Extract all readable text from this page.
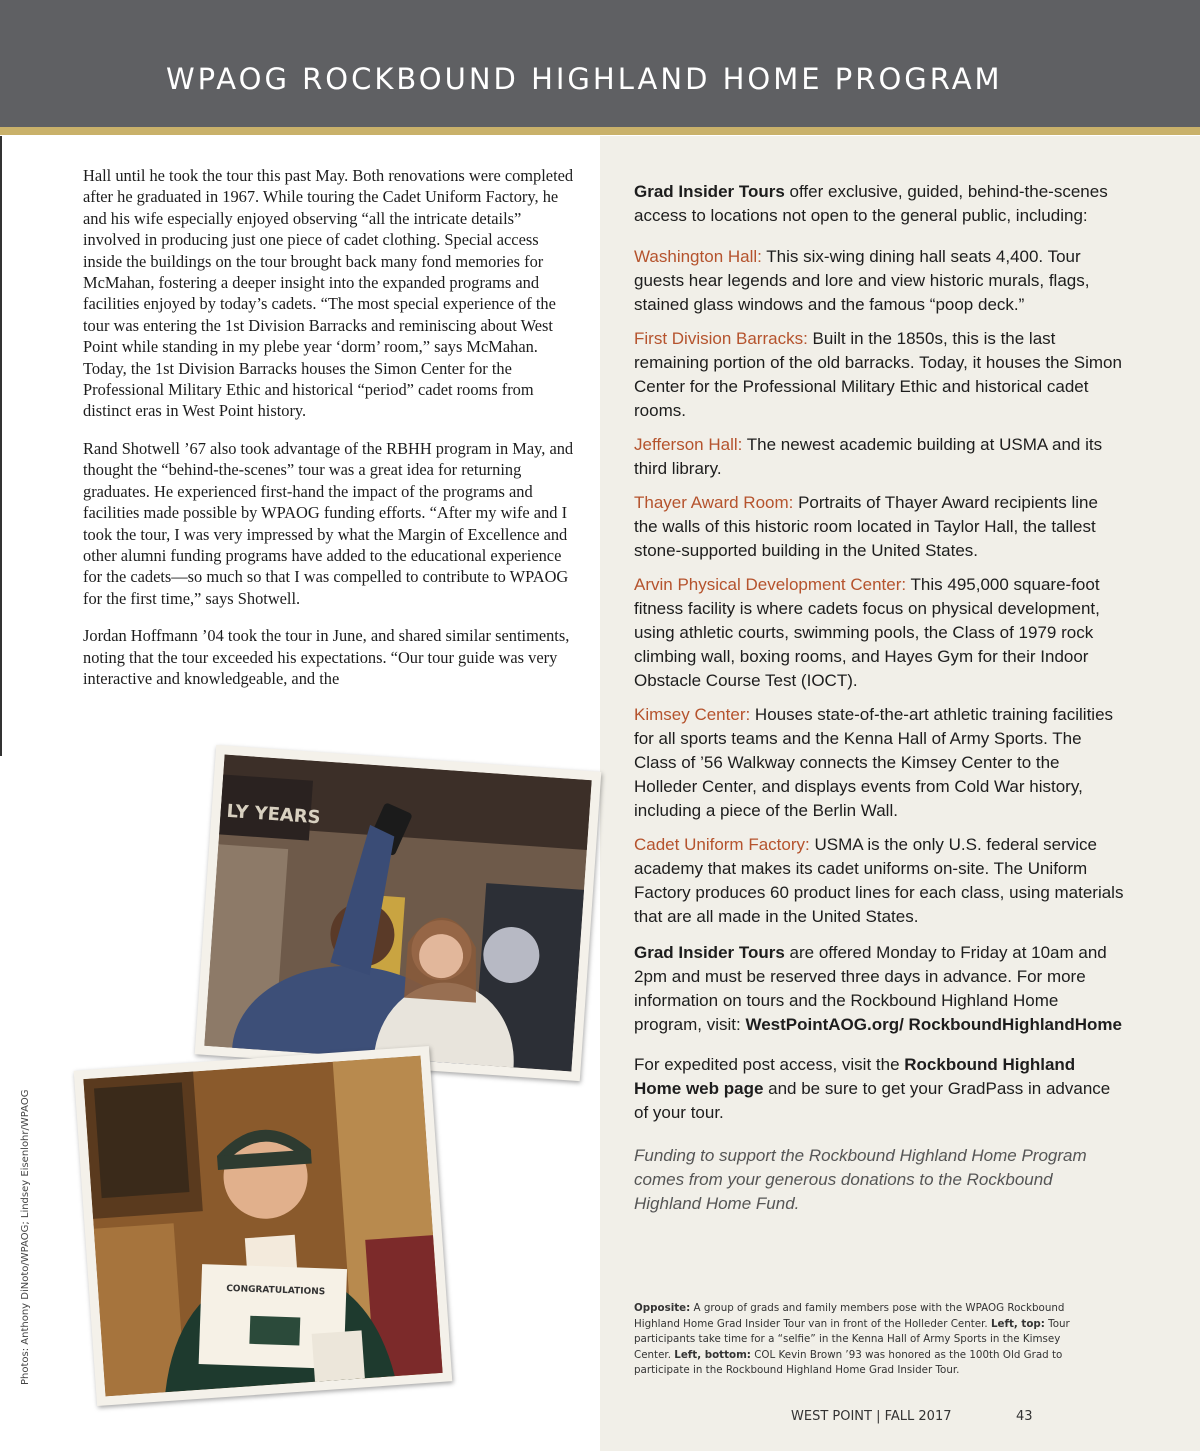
WPAOG ROCKBOUND HIGHLAND HOME PROGRAM

Hall until he took the tour this past May. Both renovations were completed after he graduated in 1967. While touring the Cadet Uniform Factory, he and his wife especially enjoyed observing “all the intricate details” involved in producing just one piece of cadet clothing. Special access inside the buildings on the tour brought back many fond memories for McMahan, fostering a deeper insight into the expanded programs and facilities enjoyed by today’s cadets. “The most special experience of the tour was entering the 1st Division Barracks and reminiscing about West Point while standing in my plebe year ‘dorm’ room,” says McMahan. Today, the 1st Division Barracks houses the Simon Center for the Professional Military Ethic and historical “period” cadet rooms from distinct eras in West Point history.

Rand Shotwell ’67 also took advantage of the RBHH program in May, and thought the “behind-the-scenes” tour was a great idea for returning graduates. He experienced first-hand the impact of the programs and facilities made possible by WPAOG funding efforts. “After my wife and I took the tour, I was very impressed by what the Margin of Excellence and other alumni funding programs have added to the educational experience for the cadets—so much so that I was compelled to contribute to WPAOG for the first time,” says Shotwell.

Jordan Hoffmann ’04 took the tour in June, and shared similar sentiments, noting that the tour exceeded his expectations. “Our tour guide was very interactive and knowledgeable, and the

LY YEARS
CONGRATULATIONS

Grad Insider Tours offer exclusive, guided, behind-the-scenes access to locations not open to the general public, including:

Washington Hall: This six-wing dining hall seats 4,400. Tour guests hear legends and lore and view historic murals, flags, stained glass windows and the famous “poop deck.”

First Division Barracks: Built in the 1850s, this is the last remaining portion of the old barracks. Today, it houses the Simon Center for the Professional Military Ethic and historical cadet rooms.

Jefferson Hall: The newest academic building at USMA and its third library.

Thayer Award Room: Portraits of Thayer Award recipients line the walls of this historic room located in Taylor Hall, the tallest stone-supported building in the United States.

Arvin Physical Development Center: This 495,000 square-foot fitness facility is where cadets focus on physical development, using athletic courts, swimming pools, the Class of 1979 rock climbing wall, boxing rooms, and Hayes Gym for their Indoor Obstacle Course Test (IOCT).

Kimsey Center: Houses state-of-the-art athletic training facilities for all sports teams and the Kenna Hall of Army Sports. The Class of ’56 Walkway connects the Kimsey Center to the Holleder Center, and displays events from Cold War history, including a piece of the Berlin Wall.

Cadet Uniform Factory: USMA is the only U.S. federal service academy that makes its cadet uniforms on-site. The Uniform Factory produces 60 product lines for each class, using materials that are all made in the United States.

Grad Insider Tours are offered Monday to Friday at 10am and 2pm and must be reserved three days in advance. For more information on tours and the Rockbound Highland Home program, visit: WestPointAOG.org/ RockboundHighlandHome

For expedited post access, visit the Rockbound Highland Home web page and be sure to get your GradPass in advance of your tour.

Funding to support the Rockbound Highland Home Program comes from your generous donations to the Rockbound Highland Home Fund.

Opposite: A group of grads and family members pose with the WPAOG Rockbound Highland Home Grad Insider Tour van in front of the Holleder Center. Left, top: Tour participants take time for a “selfie” in the Kenna Hall of Army Sports in the Kimsey Center. Left, bottom: COL Kevin Brown ’93 was honored as the 100th Old Grad to participate in the Rockbound Highland Home Grad Insider Tour.
Photos: Anthony DiNoto/WPAOG; Lindsey Eisenlohr/WPAOG
WEST POINT | FALL 2017	43
